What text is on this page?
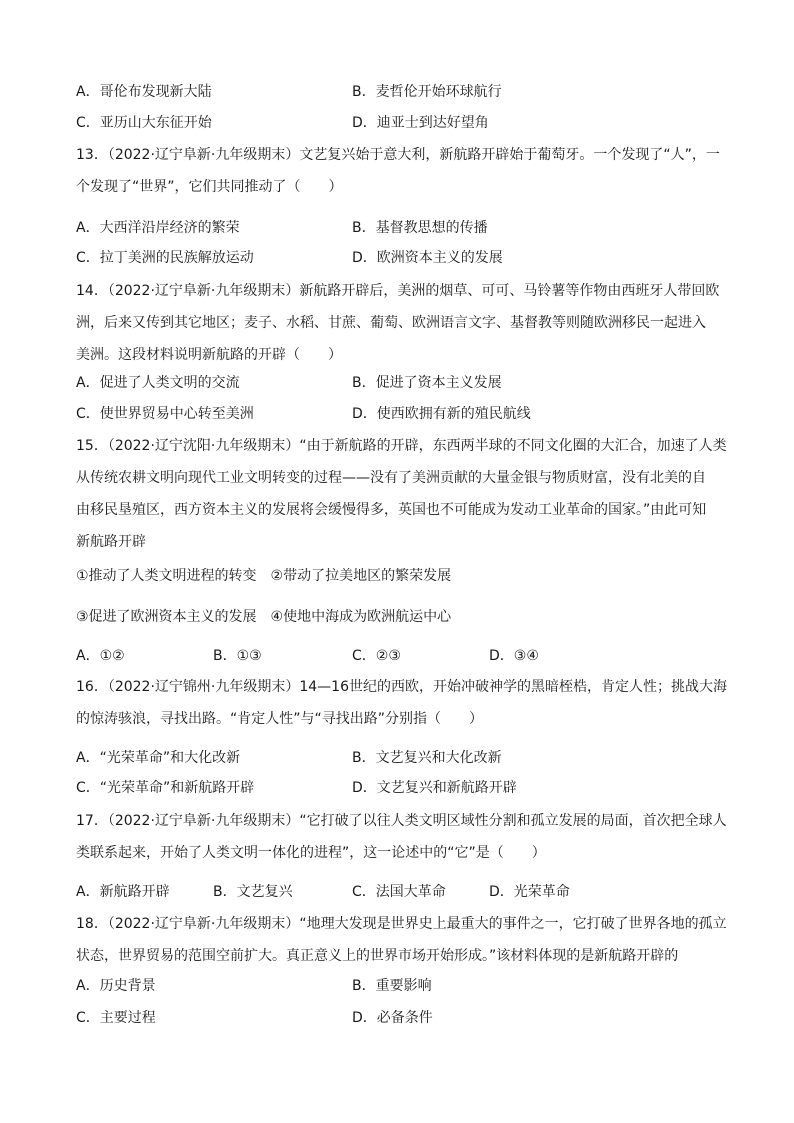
A．哥伦布发现新大陆	B．麦哲伦开始环球航行
C．亚历山大东征开始	D．迪亚士到达好望角
13．（2022·辽宁阜新·九年级期末）文艺复兴始于意大利，新航路开辟始于葡萄牙。一个发现了“人”，一
个发现了“世界”，它们共同推动了（　　）
A．大西洋沿岸经济的繁荣	B．基督教思想的传播
C．拉丁美洲的民族解放运动	D．欧洲资本主义的发展
14．（2022·辽宁阜新·九年级期末）新航路开辟后，美洲的烟草、可可、马铃薯等作物由西班牙人带回欧
洲，后来又传到其它地区；麦子、水稻、甘蔗、葡萄、欧洲语言文字、基督教等则随欧洲移民一起进入
美洲。这段材料说明新航路的开辟（　　）
A．促进了人类文明的交流	B．促进了资本主义发展
C．使世界贸易中心转至美洲	D．使西欧拥有新的殖民航线
15．（2022·辽宁沈阳·九年级期末）“由于新航路的开辟，东西两半球的不同文化圈的大汇合，加速了人类
从传统农耕文明向现代工业文明转变的过程——没有了美洲贡献的大量金银与物质财富，没有北美的自
由移民垦殖区，西方资本主义的发展将会缓慢得多，英国也不可能成为发动工业革命的国家。”由此可知
新航路开辟
①推动了人类文明进程的转变　②带动了拉美地区的繁荣发展
③促进了欧洲资本主义的发展　④使地中海成为欧洲航运中心
A．①②	B．①③	C．②③	D．③④
16．（2022·辽宁锦州·九年级期末）14—16世纪的西欧，开始冲破神学的黑暗桎梏，肯定人性；挑战大海
的惊涛骇浪，寻找出路。“肯定人性”与“寻找出路”分别指（　　）
A．“光荣革命”和大化改新	B．文艺复兴和大化改新
C．“光荣革命”和新航路开辟	D．文艺复兴和新航路开辟
17．（2022·辽宁阜新·九年级期末）“它打破了以往人类文明区域性分割和孤立发展的局面，首次把全球人
类联系起来，开始了人类文明一体化的进程”，这一论述中的“它”是（　　）
A．新航路开辟	B．文艺复兴	C．法国大革命	D．光荣革命
18．（2022·辽宁阜新·九年级期末）“地理大发现是世界史上最重大的事件之一，它打破了世界各地的孤立
状态，世界贸易的范围空前扩大。真正意义上的世界市场开始形成。”该材料体现的是新航路开辟的
A．历史背景	B．重要影响
C．主要过程	D．必备条件
